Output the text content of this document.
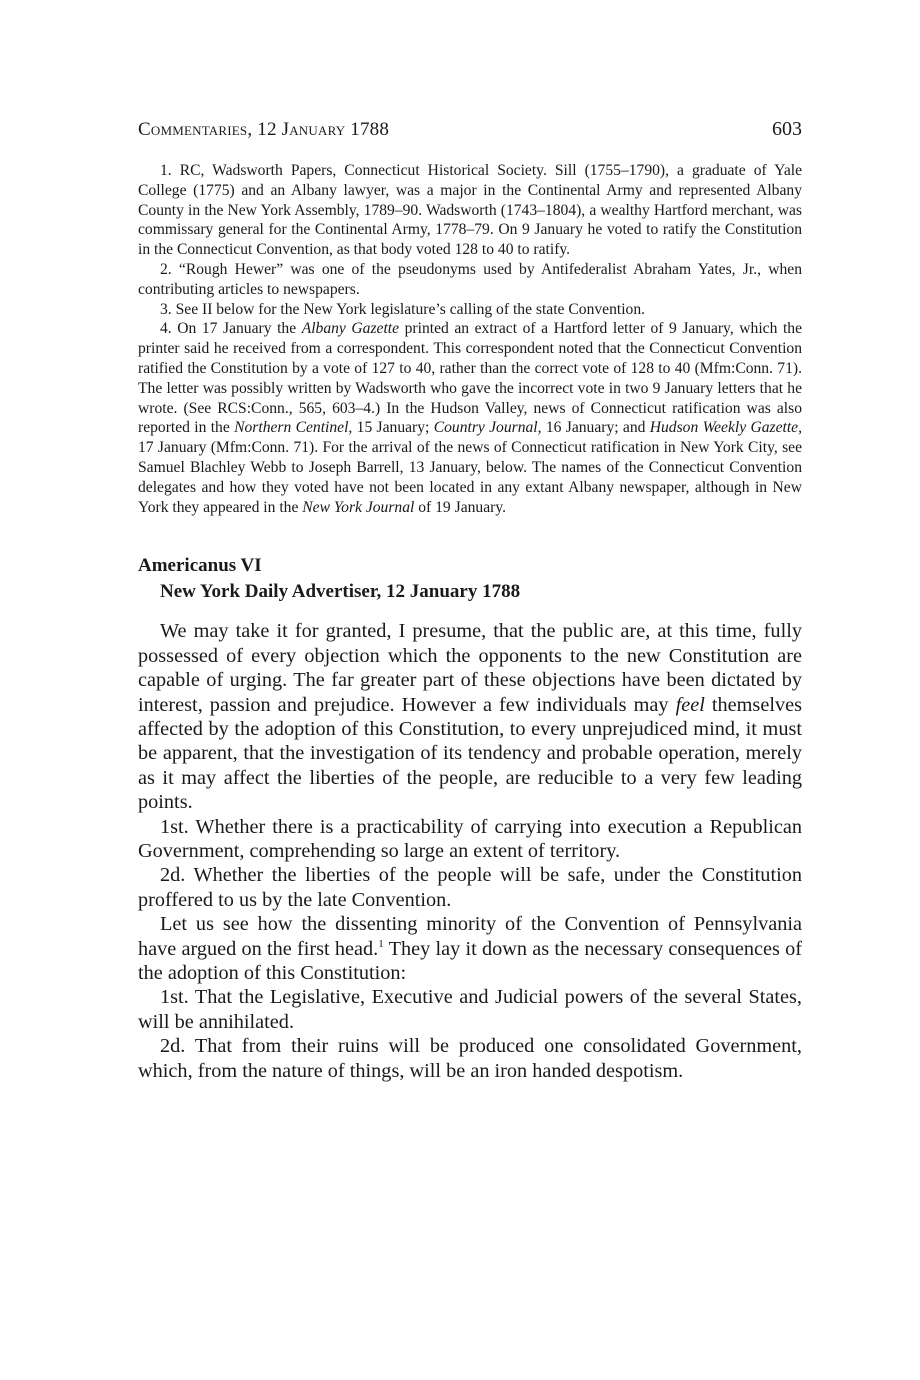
Commentaries, 12 January 1788	603

1. RC, Wadsworth Papers, Connecticut Historical Society. Sill (1755–1790), a graduate of Yale College (1775) and an Albany lawyer, was a major in the Continental Army and represented Albany County in the New York Assembly, 1789–90. Wadsworth (1743–1804), a wealthy Hartford merchant, was commissary general for the Continental Army, 1778–79. On 9 January he voted to ratify the Constitution in the Connecticut Convention, as that body voted 128 to 40 to ratify.

2. “Rough Hewer” was one of the pseudonyms used by Antifederalist Abraham Yates, Jr., when contributing articles to newspapers.

3. See II below for the New York legislature’s calling of the state Convention.

4. On 17 January the Albany Gazette printed an extract of a Hartford letter of 9 January, which the printer said he received from a correspondent. This correspondent noted that the Connecticut Convention ratified the Constitution by a vote of 127 to 40, rather than the correct vote of 128 to 40 (Mfm:Conn. 71). The letter was possibly written by Wadsworth who gave the incorrect vote in two 9 January letters that he wrote. (See RCS:Conn., 565, 603–4.) In the Hudson Valley, news of Connecticut ratification was also reported in the Northern Centinel, 15 January; Country Journal, 16 January; and Hudson Weekly Gazette, 17 January (Mfm:Conn. 71). For the arrival of the news of Connecticut ratification in New York City, see Samuel Blachley Webb to Joseph Barrell, 13 January, below. The names of the Connecticut Convention delegates and how they voted have not been located in any extant Albany newspaper, although in New York they appeared in the New York Journal of 19 January.

Americanus VI
New York Daily Advertiser, 12 January 1788

We may take it for granted, I presume, that the public are, at this time, fully possessed of every objection which the opponents to the new Constitution are capable of urging. The far greater part of these objections have been dictated by interest, passion and prejudice. However a few individuals may feel themselves affected by the adoption of this Constitution, to every unprejudiced mind, it must be apparent, that the investigation of its tendency and probable operation, merely as it may affect the liberties of the people, are reducible to a very few leading points.

1st. Whether there is a practicability of carrying into execution a Republican Government, comprehending so large an extent of territory.

2d. Whether the liberties of the people will be safe, under the Constitution proffered to us by the late Convention.

Let us see how the dissenting minority of the Convention of Pennsylvania have argued on the first head.$^1$ They lay it down as the necessary consequences of the adoption of this Constitution:

1st. That the Legislative, Executive and Judicial powers of the several States, will be annihilated.

2d. That from their ruins will be produced one consolidated Government, which, from the nature of things, will be an iron handed despotism.
